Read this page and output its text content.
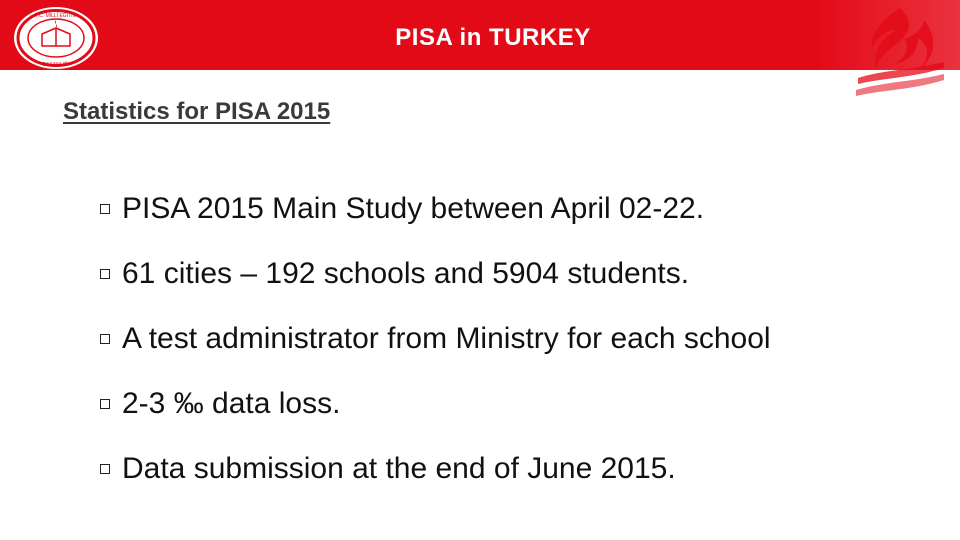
T.C. MİLLÎ EĞİTİM
BAKANLIĞI
PISA in TURKEY
Statistics for PISA 2015
PISA 2015 Main Study between April 02-22.
61 cities – 192 schools and 5904 students.
A test administrator from Ministry for each school
2-3 ‰ data loss.
Data submission at the end of June 2015.
